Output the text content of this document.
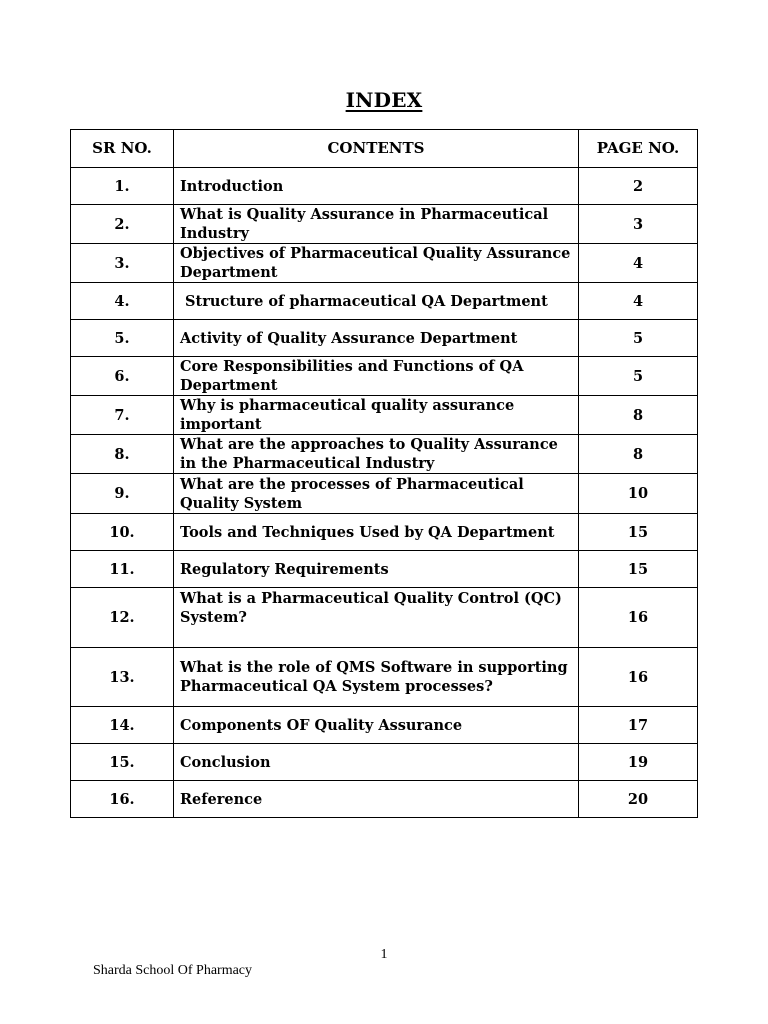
INDEX
SR NO.	CONTENTS	PAGE NO.
1.	Introduction	2
2.	What is Quality Assurance in Pharmaceutical Industry	3
3.	Objectives of Pharmaceutical Quality Assurance Department	4
4.	Structure of pharmaceutical QA Department	4
5.	Activity of Quality Assurance Department	5
6.	Core Responsibilities and Functions of QA Department	5
7.	Why is pharmaceutical quality assurance important	8
8.	What are the approaches to Quality Assurance in the Pharmaceutical Industry	8
9.	What are the processes of Pharmaceutical Quality System	10
10.	Tools and Techniques Used by QA Department	15
11.	Regulatory Requirements	15
12.	What is a Pharmaceutical Quality Control (QC) System?	16
13.	What is the role of QMS Software in supporting Pharmaceutical QA System processes?	16
14.	Components OF Quality Assurance	17
15.	Conclusion	19
16.	Reference	20
1
Sharda School Of Pharmacy
